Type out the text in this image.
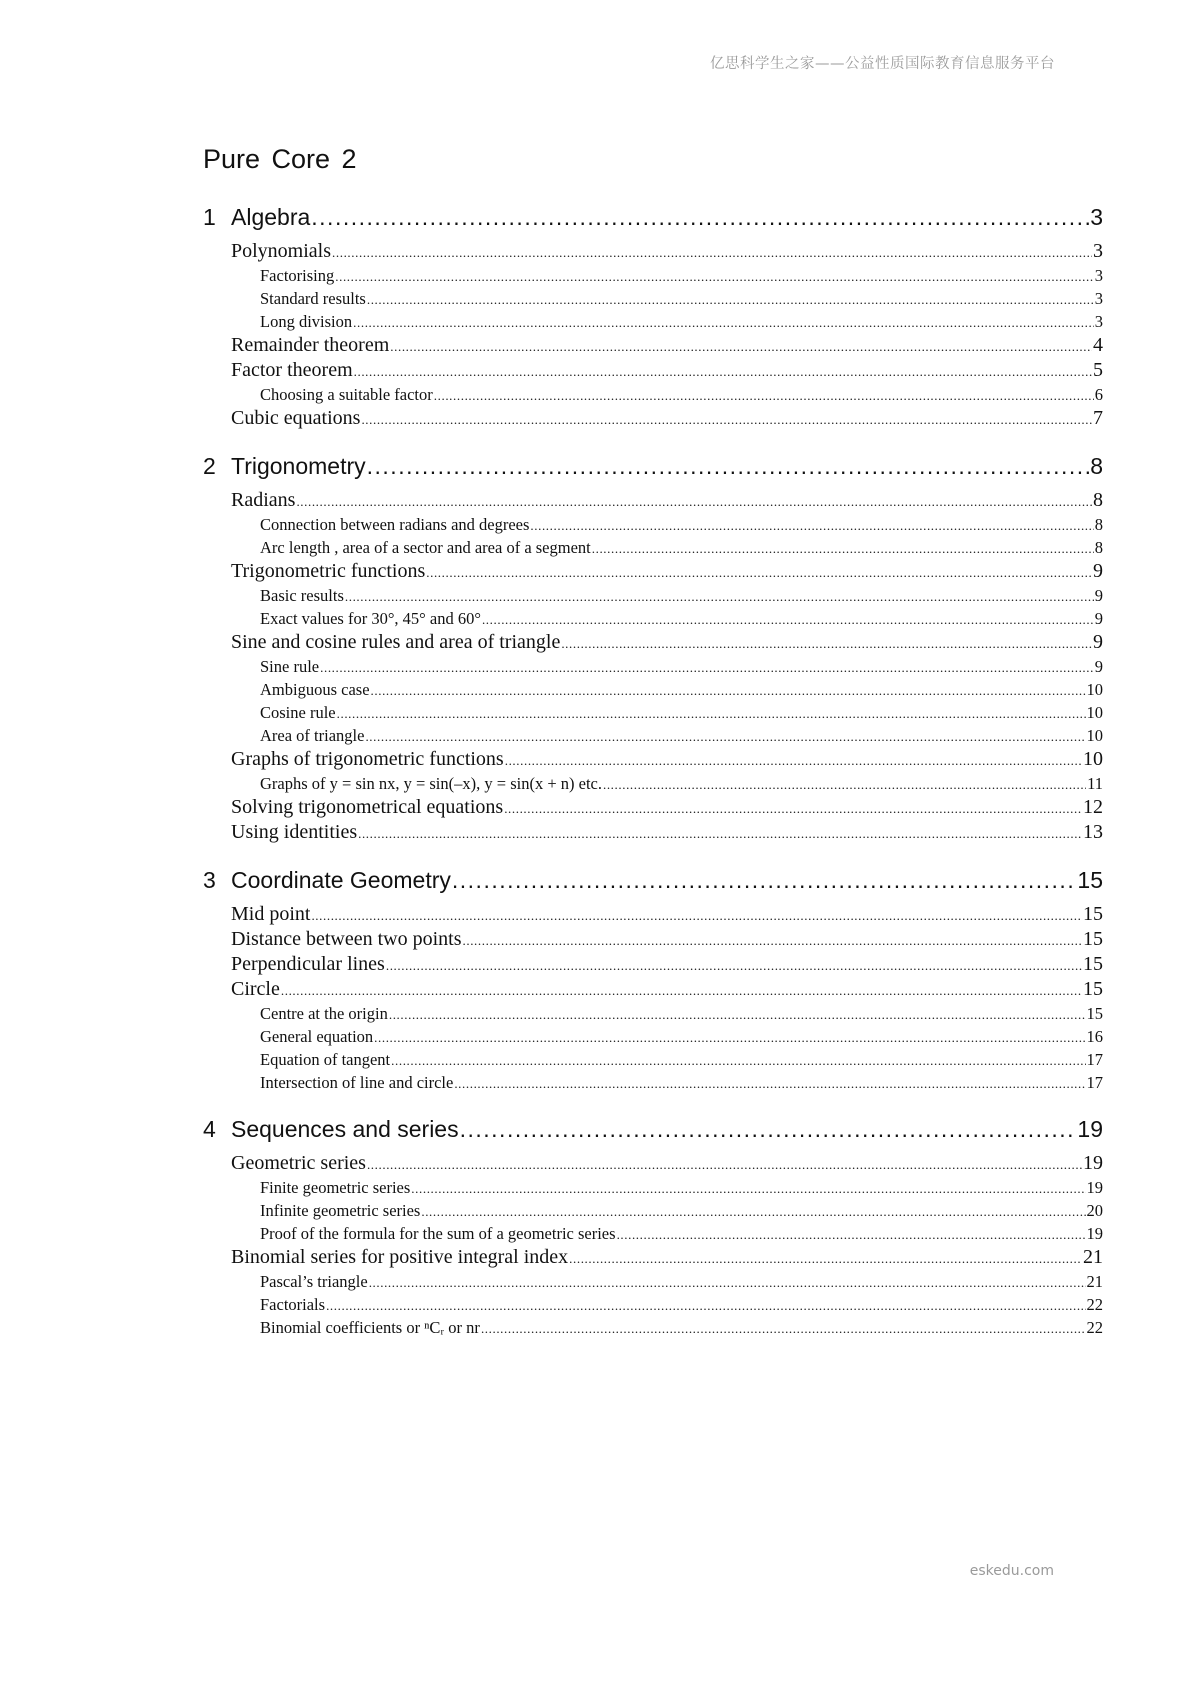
亿思科学生之家——公益性质国际教育信息服务平台
Pure Core 2
1 Algebra .....	3
Polynomials .....	3
Factorising .....	3
Standard results .....	3
Long division .....	3
Remainder theorem .....	4
Factor theorem .....	5
Choosing a suitable factor .....	6
Cubic equations .....	7
2 Trigonometry .....	8
Radians .....	8
Connection between radians and degrees .....	8
Arc length , area of a sector and area of a segment .....	8
Trigonometric functions .....	9
Basic results .....	9
Exact values for 30°, 45° and 60° .....	9
Sine and cosine rules and area of triangle .....	9
Sine rule .....	9
Ambiguous case .....	10
Cosine rule .....	10
Area of triangle .....	10
Graphs of trigonometric functions .....	10
Graphs of y = sin nx, y = sin(–x), y = sin(x + n) etc. .....	11
Solving trigonometrical equations .....	12
Using identities .....	13
3 Coordinate Geometry .....	15
Mid point .....	15
Distance between two points .....	15
Perpendicular lines .....	15
Circle .....	15
Centre at the origin .....	15
General equation .....	16
Equation of tangent .....	17
Intersection of line and circle .....	17
4 Sequences and series .....	19
Geometric series .....	19
Finite geometric series .....	19
Infinite geometric series .....	20
Proof of the formula for the sum of a geometric series .....	19
Binomial series for positive integral index .....	21
Pascal’s triangle .....	21
Factorials .....	22
Binomial coefficients or ⁿCᵣ or nr .....	22
eskedu.com
